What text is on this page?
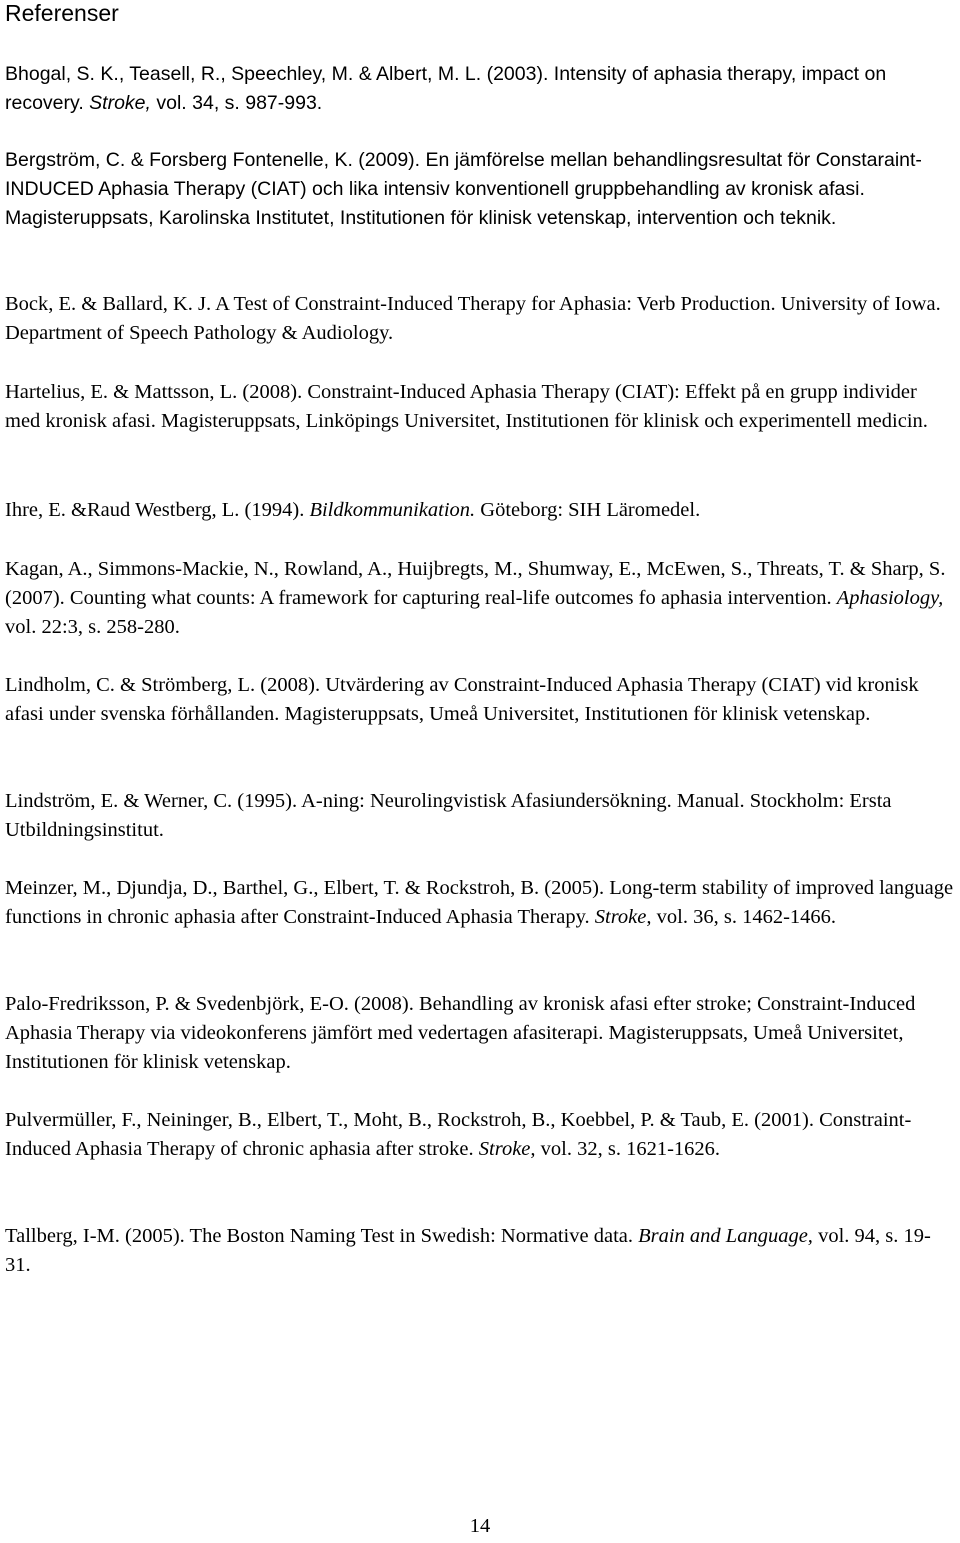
Referenser

Bhogal, S. K., Teasell, R., Speechley, M. & Albert, M. L. (2003). Intensity of aphasia therapy, impact on recovery. Stroke, vol. 34, s. 987-993.

Bergström, C. & Forsberg Fontenelle, K. (2009). En jämförelse mellan behandlingsresultat för Constaraint-INDUCED Aphasia Therapy (CIAT) och lika intensiv konventionell gruppbehandling av kronisk afasi. Magisteruppsats, Karolinska Institutet, Institutionen för klinisk vetenskap, intervention och teknik.

Bock, E. & Ballard, K. J. A Test of Constraint-Induced Therapy for Aphasia: Verb Production. University of Iowa. Department of Speech Pathology & Audiology.

Hartelius, E. & Mattsson, L. (2008). Constraint-Induced Aphasia Therapy (CIAT): Effekt på en grupp individer med kronisk afasi. Magisteruppsats, Linköpings Universitet, Institutionen för klinisk och experimentell medicin.

Ihre, E. &Raud Westberg, L. (1994). Bildkommunikation. Göteborg: SIH Läromedel.

Kagan, A., Simmons-Mackie, N., Rowland, A., Huijbregts, M., Shumway, E., McEwen, S., Threats, T. & Sharp, S. (2007). Counting what counts: A framework for capturing real-life outcomes fo aphasia intervention. Aphasiology, vol. 22:3, s. 258-280.

Lindholm, C. & Strömberg, L. (2008). Utvärdering av Constraint-Induced Aphasia Therapy (CIAT) vid kronisk afasi under svenska förhållanden. Magisteruppsats, Umeå Universitet, Institutionen för klinisk vetenskap.

Lindström, E. & Werner, C. (1995). A-ning: Neurolingvistisk Afasiundersökning. Manual. Stockholm: Ersta Utbildningsinstitut.

Meinzer, M., Djundja, D., Barthel, G., Elbert, T. & Rockstroh, B. (2005). Long-term stability of improved language functions in chronic aphasia after Constraint-Induced Aphasia Therapy. Stroke, vol. 36, s. 1462-1466.

Palo-Fredriksson, P. & Svedenbjörk, E-O. (2008). Behandling av kronisk afasi efter stroke; Constraint-Induced Aphasia Therapy via videokonferens jämfört med vedertagen afasiterapi. Magisteruppsats, Umeå Universitet, Institutionen för klinisk vetenskap.

Pulvermüller, F., Neininger, B., Elbert, T., Moht, B., Rockstroh, B., Koebbel, P. & Taub, E. (2001). Constraint-Induced Aphasia Therapy of chronic aphasia after stroke. Stroke, vol. 32, s. 1621-1626.

Tallberg, I-M. (2005). The Boston Naming Test in Swedish: Normative data. Brain and Language, vol. 94, s. 19-31.

14
